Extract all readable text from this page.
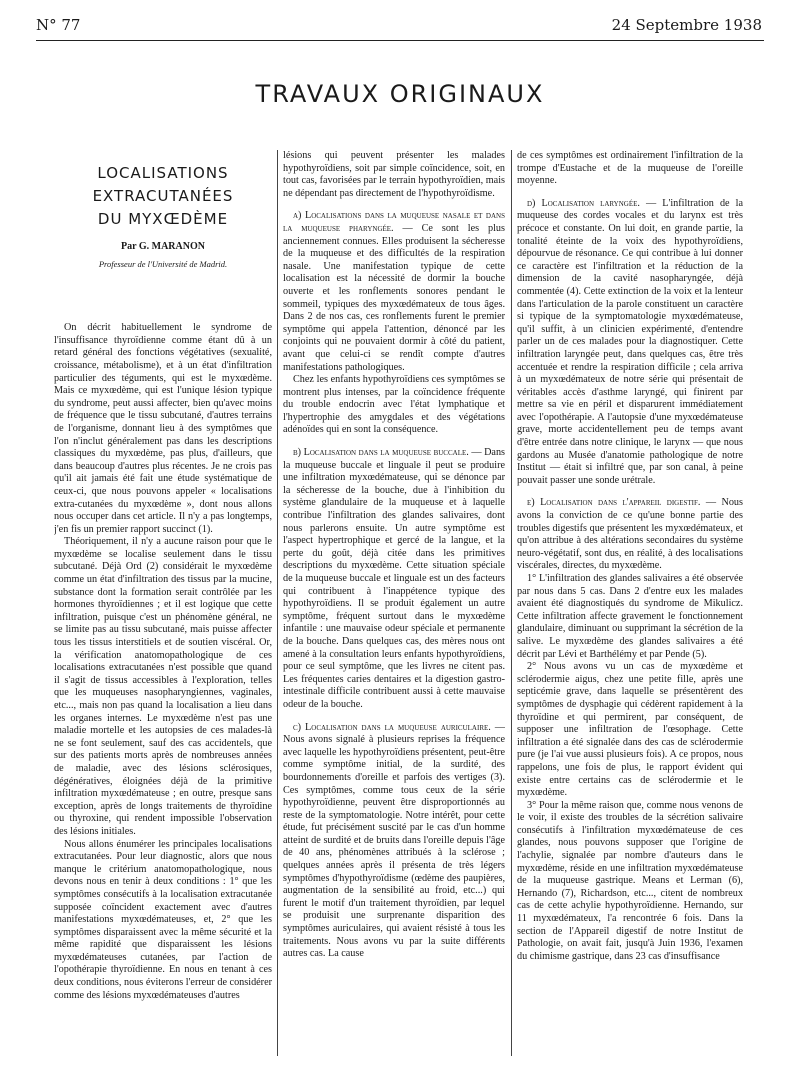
N° 77	24 Septembre 1938
TRAVAUX ORIGINAUX
LOCALISATIONS
EXTRACUTANÉES
DU MYXŒDÈME
Par G. MARANON
Professeur de l'Université de Madrid.

On décrit habituellement le syndrome de l'insuffisance thyroïdienne comme étant dû à un retard général des fonctions végétatives (sexualité, croissance, métabolisme), et à un état d'infiltration particulier des téguments, qui est le myxœdème. Mais ce myxœdème, qui est l'unique lésion typique du syndrome, peut aussi affecter, bien qu'avec moins de fréquence que le tissu subcutané, d'autres terrains de l'organisme, donnant lieu à des symptômes que l'on n'inclut généralement pas dans les descriptions classiques du myxœdème, pas plus, d'ailleurs, que dans beaucoup d'autres plus récentes. Je ne crois pas qu'il ait jamais été fait une étude systématique de ceux-ci, que nous pouvons appeler « localisations extra-cutanées du myxœdème », dont nous allons nous occuper dans cet article. Il n'y a pas longtemps, j'en fis un premier rapport succinct (1).

Théoriquement, il n'y a aucune raison pour que le myxœdème se localise seulement dans le tissu subcutané. Déjà Ord (2) considérait le myxœdème comme un état d'infiltration des tissus par la mucine, substance dont la formation serait contrôlée par les hormones thyroïdiennes ; et il est logique que cette infiltration, puisque c'est un phénomène général, ne se limite pas au tissu subcutané, mais puisse affecter tous les tissus interstitiels et de soutien viscéral. Or, la vérification anatomopathologique de ces localisations extracutanées n'est possible que quand il s'agit de tissus accessibles à l'exploration, telles que les muqueuses nasopharyngiennes, vaginales, etc..., mais non pas quand la localisation a lieu dans les organes internes. Le myxœdème n'est pas une maladie mortelle et les autopsies de ces malades-là ne se font seulement, sauf des cas accidentels, que sur des patients morts après de nombreuses années de maladie, avec des lésions sclérosiques, dégénératives, éloignées déjà de la primitive infiltration myxœdémateuse ; en outre, presque sans exception, après de longs traitements de thyroïdine ou thyroxine, qui rendent impossible l'observation des lésions initiales.

Nous allons énumérer les principales localisations extracutanées. Pour leur diagnostic, alors que nous manque le critérium anatomopathologique, nous devons nous en tenir à deux conditions : 1° que les symptômes consécutifs à la localisation extracutanée supposée coïncident exactement avec d'autres manifestations myxœdémateuses, et, 2° que les symptômes disparaissent avec la même sécurité et la même rapidité que disparaissent les lésions myxœdémateuses cutanées, par l'action de l'opothérapie thyroïdienne. En nous en tenant à ces deux conditions, nous éviterons l'erreur de considérer comme des lésions myxœdémateuses d'autres

lésions qui peuvent présenter les malades hypothyroïdiens, soit par simple coïncidence, soit, en tout cas, favorisées par le terrain hypothyroïdien, mais ne dépendant pas directement de l'hypothyroïdisme.

a) Localisations dans la muqueuse nasale et dans la muqueuse pharyngée. — Ce sont les plus anciennement connues. Elles produisent la sécheresse de la muqueuse et des difficultés de la respiration nasale. Une manifestation typique de cette localisation est la nécessité de dormir la bouche ouverte et les ronflements sonores pendant le sommeil, typiques des myxœdémateux de tous âges. Dans 2 de nos cas, ces ronflements furent le premier symptôme qui appela l'attention, dénoncé par les conjoints qui ne pouvaient dormir à côté du patient, avant que celui-ci se rendît compte d'autres manifestations pathologiques.

Chez les enfants hypothyroïdiens ces symptômes se montrent plus intenses, par la coïncidence fréquente du trouble endocrin avec l'état lymphatique et l'hypertrophie des amygdales et des végétations adénoïdes qui en sont la conséquence.

b) Localisation dans la muqueuse buccale. — Dans la muqueuse buccale et linguale il peut se produire une infiltration myxœdémateuse, qui se dénonce par la sécheresse de la bouche, due à l'inhibition du système glandulaire de la muqueuse et à laquelle contribue l'infiltration des glandes salivaires, dont nous parlerons ensuite. Un autre symptôme est l'aspect hypertrophique et gercé de la langue, et la perte du goût, déjà citée dans les primitives descriptions du myxœdème. Cette situation spéciale de la muqueuse buccale et linguale est un des facteurs qui contribuent à l'inappétence typique des hypothyroïdiens. Il se produit également un autre symptôme, fréquent surtout dans le myxœdème infantile : une mauvaise odeur spéciale et permanente de la bouche. Dans quelques cas, des mères nous ont amené à la consultation leurs enfants hypothyroïdiens, pour ce seul symptôme, que les livres ne citent pas. Les fréquentes caries dentaires et la digestion gastro-intestinale difficile contribuent aussi à cette mauvaise odeur de la bouche.

c) Localisation dans la muqueuse auriculaire. — Nous avons signalé à plusieurs reprises la fréquence avec laquelle les hypothyroïdiens présentent, peut-être comme symptôme initial, de la surdité, des bourdonnements d'oreille et parfois des vertiges (3). Ces symptômes, comme tous ceux de la série hypothyroïdienne, peuvent être disproportionnés au reste de la symptomatologie. Notre intérêt, pour cette étude, fut précisément suscité par le cas d'un homme atteint de surdité et de bruits dans l'oreille depuis l'âge de 40 ans, phénomènes attribués à la sclérose ; quelques années après il présenta de très légers symptômes d'hypothyroïdisme (œdème des paupières, augmentation de la sensibilité au froid, etc...) qui furent le motif d'un traitement thyroïdien, par lequel se produisit une surprenante disparition des symptômes auriculaires, qui avaient résisté à tous les traitements. Nous avons vu par la suite différents autres cas. La cause

de ces symptômes est ordinairement l'infiltration de la trompe d'Eustache et de la muqueuse de l'oreille moyenne.

d) Localisation laryngée. — L'infiltration de la muqueuse des cordes vocales et du larynx est très précoce et constante. On lui doit, en grande partie, la tonalité éteinte de la voix des hypothyroïdiens, dépourvue de résonance. Ce qui contribue à lui donner ce caractère est l'infiltration et la réduction de la dimension de la cavité nasopharyngée, déjà commentée (4). Cette extinction de la voix et la lenteur dans l'articulation de la parole constituent un caractère si typique de la symptomatologie myxœdémateuse, qu'il suffit, à un clinicien expérimenté, d'entendre parler un de ces malades pour la diagnostiquer. Cette infiltration laryngée peut, dans quelques cas, être très accentuée et rendre la respiration difficile ; cela arriva à un myxœdémateux de notre série qui présentait de véritables accès d'asthme laryngé, qui finirent par mettre sa vie en péril et disparurent immédiatement avec l'opothérapie. A l'autopsie d'une myxœdémateuse grave, morte accidentellement peu de temps avant d'être entrée dans notre clinique, le larynx — que nous gardons au Musée d'anatomie pathologique de notre Institut — était si infiltré que, par son canal, à peine pouvait passer une sonde urétrale.

e) Localisation dans l'appareil digestif. — Nous avons la conviction de ce qu'une bonne partie des troubles digestifs que présentent les myxœdémateux, et qu'on attribue à des altérations secondaires du système neuro-végétatif, sont dus, en réalité, à des localisations viscérales, directes, du myxœdème.

1° L'infiltration des glandes salivaires a été observée par nous dans 5 cas. Dans 2 d'entre eux les malades avaient été diagnostiqués du syndrome de Mikulicz. Cette infiltration affecte gravement le fonctionnement glandulaire, diminuant ou supprimant la sécrétion de la salive. Le myxœdème des glandes salivaires a été décrit par Lévi et Barthélémy et par Pende (5).

2° Nous avons vu un cas de myxœdème et sclérodermie aigus, chez une petite fille, après une septicémie grave, dans laquelle se présentèrent des symptômes de dysphagie qui cédèrent rapidement à la thyroïdine et qui permirent, par conséquent, de supposer une infiltration de l'œsophage. Cette infiltration a été signalée dans des cas de sclérodermie pure (je l'ai vue aussi plusieurs fois). A ce propos, nous rappelons, une fois de plus, le rapport évident qui existe entre certains cas de sclérodermie et le myxœdème.

3° Pour la même raison que, comme nous venons de le voir, il existe des troubles de la sécrétion salivaire consécutifs à l'infiltration myxœdémateuse de ces glandes, nous pouvons supposer que l'origine de l'achylie, signalée par nombre d'auteurs dans le myxœdème, réside en une infiltration myxœdémateuse de la muqueuse gastrique. Means et Lerman (6), Hernando (7), Richardson, etc..., citent de nombreux cas de cette achylie hypothyroïdienne. Hernando, sur 11 myxœdémateux, l'a rencontrée 6 fois. Dans la section de l'Appareil digestif de notre Institut de Pathologie, on avait fait, jusqu'à Juin 1936, l'examen du chimisme gastrique, dans 23 cas d'insuffisance
